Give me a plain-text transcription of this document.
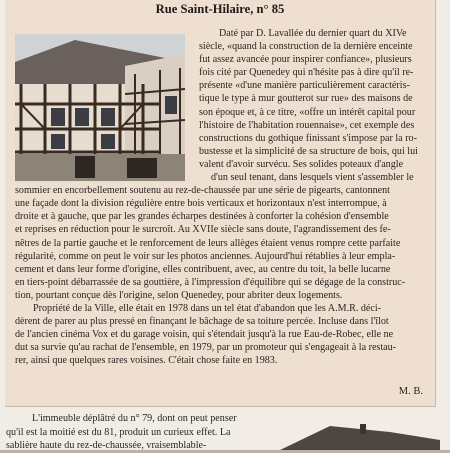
Rue Saint-Hilaire, n° 85
Daté par D. Lavallée du dernier quart du XIVe
siècle, «quand la construction de la dernière enceinte
fut assez avancée pour inspirer confiance», plusieurs
fois cité par Quenedey qui n'hésite pas à dire qu'il re-
présente «d'une manière particulièrement caractéris-
tique le type à mur goutterot sur rue» des maisons de
son époque et, à ce titre, «offre un intérêt capital pour
l'histoire de l'habitation rouennaise», cet exemple des
constructions du gothique finissant s'impose par la ro-
bustesse et la simplicité de sa structure de bois, qui lui
valent d'avoir survécu. Ses solides poteaux d'angle
d'un seul tenant, dans lesquels vient s'assembler le
sommier en encorbellement soutenu au rez-de-chaussée par une série de pigearts, cantonnent
une façade dont la division régulière entre bois verticaux et horizontaux n'est interrompue, à
droite et à gauche, que par les grandes écharpes destinées à conforter la cohésion d'ensemble
et reprises en réduction pour le surcroît. Au XVIIe siècle sans doute, l'agrandissement des fe-
nêtres de la partie gauche et le renforcement de leurs allèges étaient venus rompre cette parfaite
régularité, comme on peut le voir sur les photos anciennes. Aujourd'hui rétablies à leur empla-
cement et dans leur forme d'origine, elles contribuent, avec, au centre du toit, la belle lucarne
en tiers-point débarrassée de sa gouttière, à l'impression d'équilibre qui se dégage de la construc-
tion, pourtant conçue dès l'origine, selon Quenedey, pour abriter deux logements.
Propriété de la Ville, elle était en 1978 dans un tel état d'abandon que les A.M.R. déci-
dèrent de parer au plus pressé en finançant le bâchage de sa toiture percée. Incluse dans l'îlot
de l'ancien cinéma Vox et du garage voisin, qui s'étendait jusqu'à la rue Eau-de-Robec, elle ne
dut sa survie qu'au rachat de l'ensemble, en 1979, par un promoteur qui s'engageait à la restau-
rer, ainsi que quelques rares voisines. C'était chose faite en 1983.
M. B.
L'immeuble déplâtré du n° 79, dont on peut penser
qu'il est la moitié est du 81, produit un curieux effet. La
sablière haute du rez-de-chaussée, vraisemblable-
